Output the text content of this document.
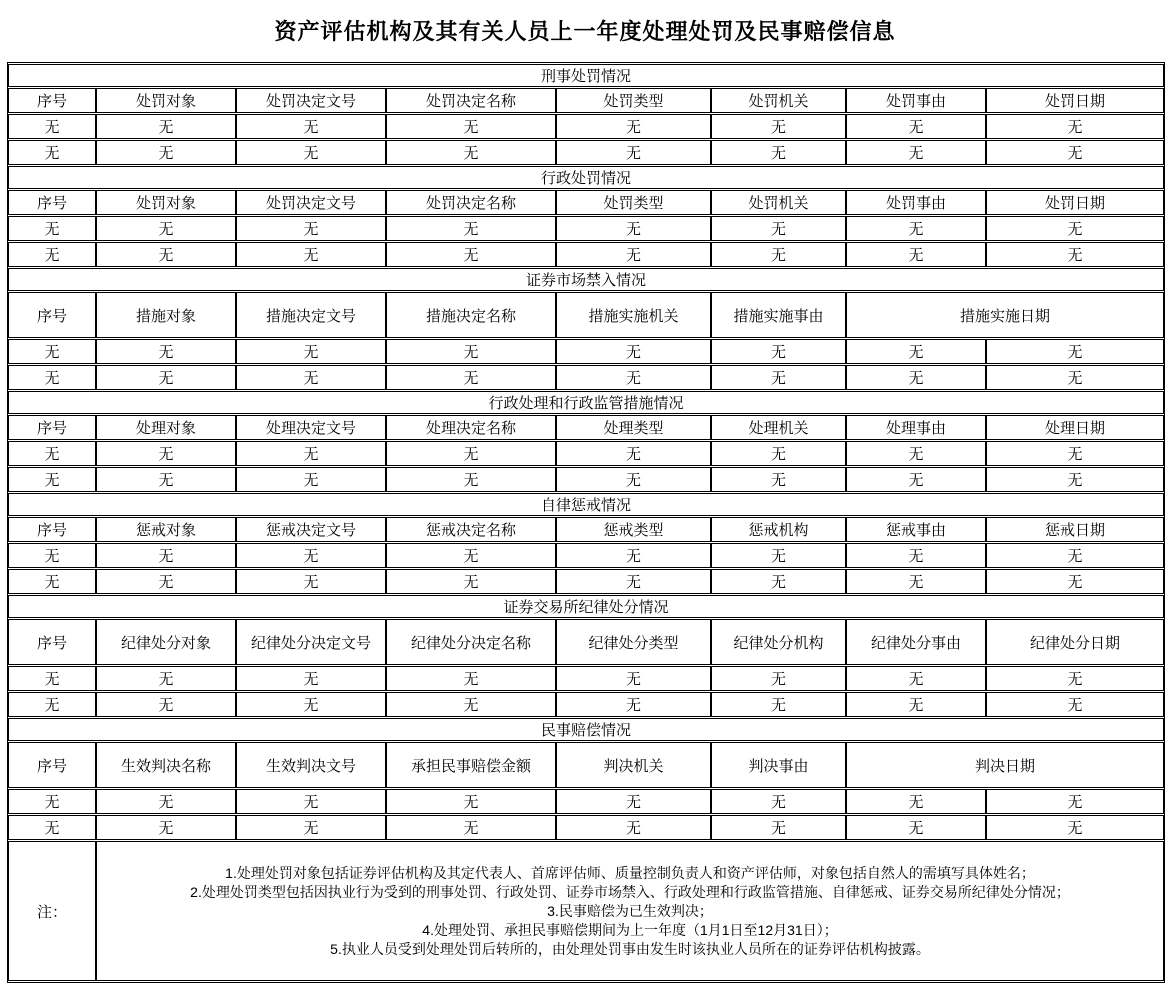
资产评估机构及其有关人员上一年度处理处罚及民事赔偿信息
刑事处罚情况							
序号	处罚对象	处罚决定文号	处罚决定名称	处罚类型	处罚机关	处罚事由	处罚日期
无	无	无	无	无	无	无	无
无	无	无	无	无	无	无	无
行政处罚情况							
序号	处罚对象	处罚决定文号	处罚决定名称	处罚类型	处罚机关	处罚事由	处罚日期
无	无	无	无	无	无	无	无
无	无	无	无	无	无	无	无
证券市场禁入情况							
序号	措施对象	措施决定文号	措施决定名称	措施实施机关	措施实施事由	措施实施日期	
无	无	无	无	无	无	无	无
无	无	无	无	无	无	无	无
行政处理和行政监管措施情况							
序号	处理对象	处理决定文号	处理决定名称	处理类型	处理机关	处理事由	处理日期
无	无	无	无	无	无	无	无
无	无	无	无	无	无	无	无
自律惩戒情况							
序号	惩戒对象	惩戒决定文号	惩戒决定名称	惩戒类型	惩戒机构	惩戒事由	惩戒日期
无	无	无	无	无	无	无	无
无	无	无	无	无	无	无	无
证券交易所纪律处分情况							
序号	纪律处分对象	纪律处分决定文号	纪律处分决定名称	纪律处分类型	纪律处分机构	纪律处分事由	纪律处分日期
无	无	无	无	无	无	无	无
无	无	无	无	无	无	无	无
民事赔偿情况							
序号	生效判决名称	生效判决文号	承担民事赔偿金额	判决机关	判决事由	判决日期	
无	无	无	无	无	无	无	无
无	无	无	无	无	无	无	无
注：	1.处理处罚对象包括证券评估机构及其定代表人、首席评估师、质量控制负责人和资产评估师，对象包括自然人的需填写具体姓名；
2.处理处罚类型包括因执业行为受到的刑事处罚、行政处罚、证券市场禁入、行政处理和行政监管措施、自律惩戒、证券交易所纪律处分情况；
3.民事赔偿为已生效判决；
4.处理处罚、承担民事赔偿期间为上一年度（1月1日至12月31日）；
5.执业人员受到处理处罚后转所的，由处理处罚事由发生时该执业人员所在的证券评估机构披露。						
